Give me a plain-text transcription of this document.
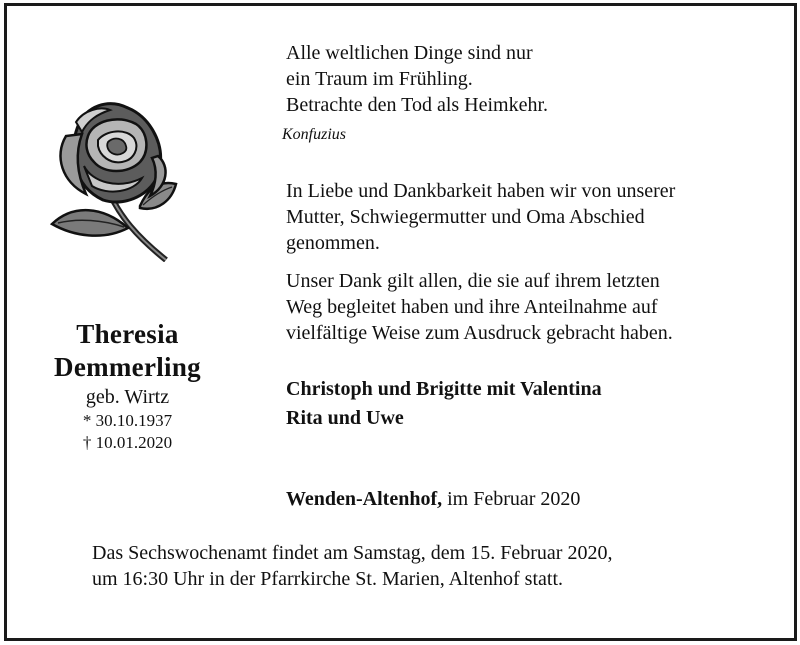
Theresia
Demmerling
geb. Wirtz
* 30.10.1937
† 10.01.2020
Alle weltlichen Dinge sind nur
ein Traum im Frühling.
Betrachte den Tod als Heimkehr.
Konfuzius
In Liebe und Dankbarkeit haben wir von unserer
Mutter, Schwiegermutter und Oma Abschied
genommen.
Unser Dank gilt allen, die sie auf ihrem letzten
Weg begleitet haben und ihre Anteilnahme auf
vielfältige Weise zum Ausdruck gebracht haben.
Christoph und Brigitte mit Valentina
Rita und Uwe
Wenden-Altenhof, im Februar 2020
Das Sechswochenamt findet am Samstag, dem 15. Februar 2020,
um 16:30 Uhr in der Pfarrkirche St. Marien, Altenhof statt.
